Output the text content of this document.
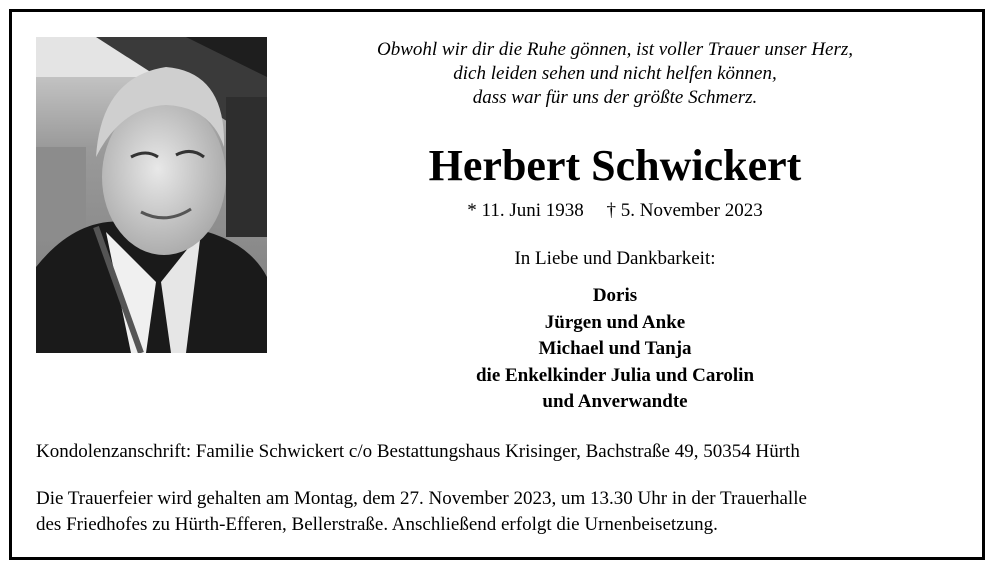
Obwohl wir dir die Ruhe gönnen, ist voller Trauer unser Herz,
dich leiden sehen und nicht helfen können,
dass war für uns der größte Schmerz.
Herbert Schwickert
* 11. Juni 1938 † 5. November 2023
In Liebe und Dankbarkeit:
Doris
Jürgen und Anke
Michael und Tanja
die Enkelkinder Julia und Carolin
und Anverwandte
Kondolenzanschrift: Familie Schwickert c/o Bestattungshaus Krisinger, Bachstraße 49, 50354 Hürth
Die Trauerfeier wird gehalten am Montag, dem 27. November 2023, um 13.30 Uhr in der Trauerhalle
des Friedhofes zu Hürth-Efferen, Bellerstraße. Anschließend erfolgt die Urnenbeisetzung.
